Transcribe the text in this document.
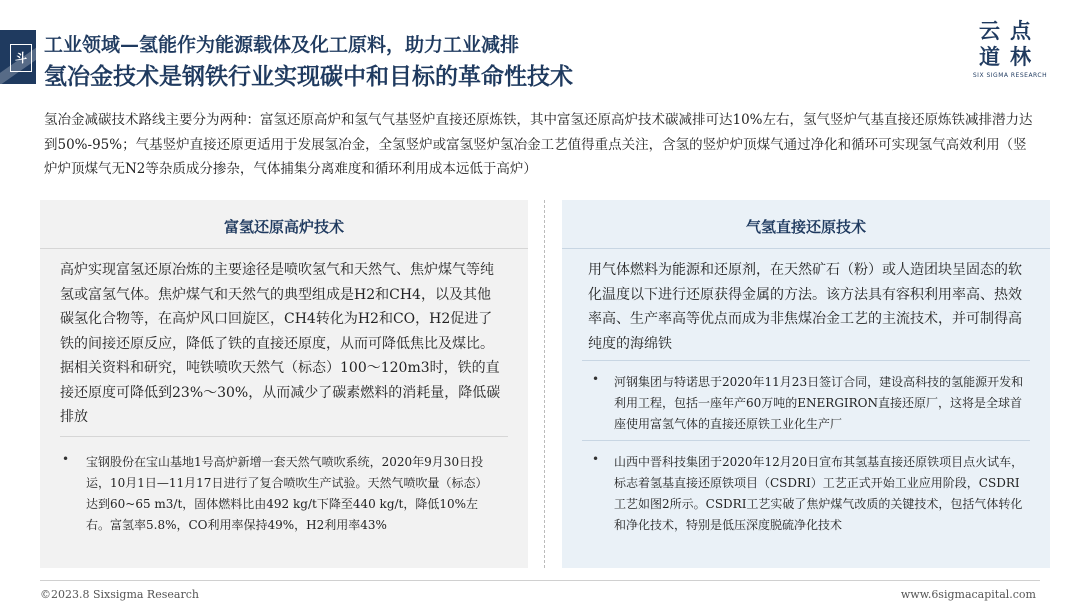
斗
工业领域—氢能作为能源载体及化工原料，助力工业减排
氢冶金技术是钢铁行业实现碳中和目标的革命性技术
云点
道林
SIX SIGMA RESEARCH
氢冶金减碳技术路线主要分为两种：富氢还原高炉和氢气气基竖炉直接还原炼铁，其中富氢还原高炉技术碳减排可达10%左右，氢气竖炉气基直接还原炼铁减排潜力达到50%-95%；气基竖炉直接还原更适用于发展氢冶金，全氢竖炉或富氢竖炉氢冶金工艺值得重点关注，含氢的竖炉炉顶煤气通过净化和循环可实现氢气高效利用（竖炉炉顶煤气无N2等杂质成分掺杂，气体捕集分离难度和循环利用成本远低于高炉）
富氢还原高炉技术
高炉实现富氢还原冶炼的主要途径是喷吹氢气和天然气、焦炉煤气等纯氢或富氢气体。焦炉煤气和天然气的典型组成是H2和CH4，以及其他碳氢化合物等，在高炉风口回旋区，CH4转化为H2和CO，H2促进了铁的间接还原反应，降低了铁的直接还原度，从而可降低焦比及煤比。据相关资料和研究，吨铁喷吹天然气（标态）100～120m3时，铁的直接还原度可降低到23%～30%，从而减少了碳素燃料的消耗量，降低碳排放
• 宝钢股份在宝山基地1号高炉新增一套天然气喷吹系统，2020年9月30日投运，10月1日—11月17日进行了复合喷吹生产试验。天然气喷吹量（标态）达到60~65 m3/t，固体燃料比由492 kg/t下降至440 kg/t，降低10%左右。富氢率5.8%，CO利用率保持49%，H2利用率43%
气氢直接还原技术
用气体燃料为能源和还原剂，在天然矿石（粉）或人造团块呈固态的软化温度以下进行还原获得金属的方法。该方法具有容积利用率高、热效率高、生产率高等优点而成为非焦煤冶金工艺的主流技术，并可制得高纯度的海绵铁
• 河钢集团与特诺思于2020年11月23日签订合同，建设高科技的氢能源开发和利用工程，包括一座年产60万吨的ENERGIRON直接还原厂，这将是全球首座使用富氢气体的直接还原铁工业化生产厂
• 山西中晋科技集团于2020年12月20日宣布其氢基直接还原铁项目点火试车，标志着氢基直接还原铁项目（CSDRI）工艺正式开始工业应用阶段，CSDRI工艺如图2所示。CSDRI工艺实破了焦炉煤气改质的关键技术，包括气体转化和净化技术，特别是低压深度脱硫净化技术
©2023.8 Sixsigma Research	www.6sigmacapital.com
